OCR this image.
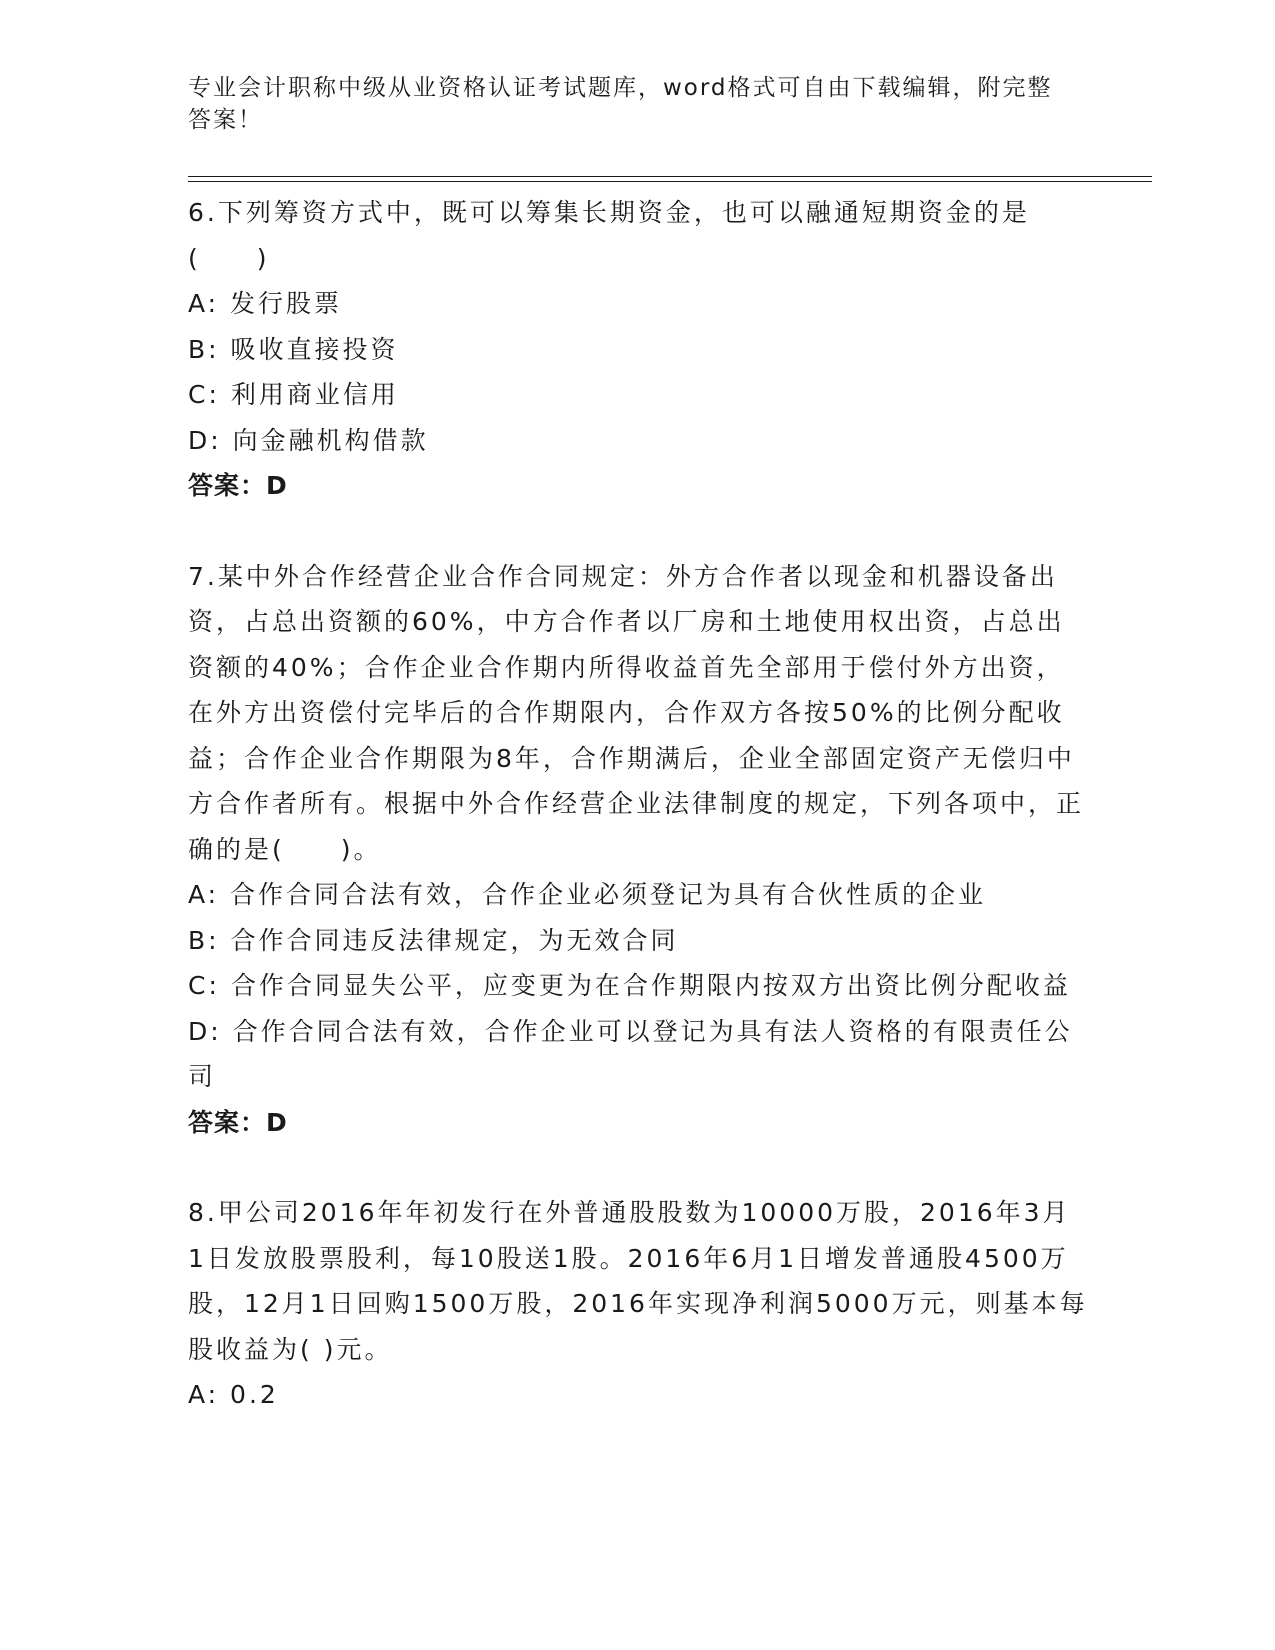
专业会计职称中级从业资格认证考试题库，word格式可自由下载编辑，附完整答案！

6.下列筹资方式中，既可以筹集长期资金，也可以融通短期资金的是(　　)

A: 发行股票

B: 吸收直接投资

C: 利用商业信用

D: 向金融机构借款

答案：D

7.某中外合作经营企业合作合同规定：外方合作者以现金和机器设备出资，占总出资额的60%，中方合作者以厂房和土地使用权出资，占总出资额的40%；合作企业合作期内所得收益首先全部用于偿付外方出资，在外方出资偿付完毕后的合作期限内，合作双方各按50%的比例分配收益；合作企业合作期限为8年，合作期满后，企业全部固定资产无偿归中方合作者所有。根据中外合作经营企业法律制度的规定，下列各项中，正确的是(　　)。

A: 合作合同合法有效，合作企业必须登记为具有合伙性质的企业

B: 合作合同违反法律规定，为无效合同

C: 合作合同显失公平，应变更为在合作期限内按双方出资比例分配收益

D: 合作合同合法有效，合作企业可以登记为具有法人资格的有限责任公司

答案：D

8.甲公司2016年年初发行在外普通股股数为10000万股，2016年3月1日发放股票股利，每10股送1股。2016年6月1日增发普通股4500万股，12月1日回购1500万股，2016年实现净利润5000万元，则基本每股收益为( )元。

A: 0.2
